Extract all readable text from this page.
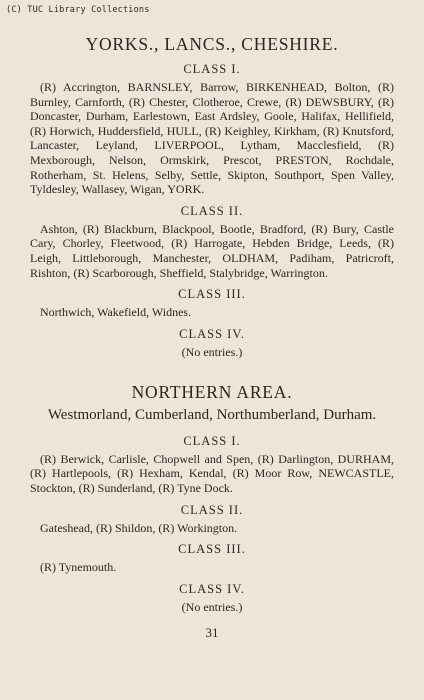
(C) TUC Library Collections
YORKS., LANCS., CHESHIRE.
CLASS I.

(R) Accrington, BARNSLEY, Barrow, BIRKENHEAD, Bolton, (R) Burnley, Carnforth, (R) Chester, Clotheroe, Crewe, (R) DEWSBURY, (R) Doncaster, Durham, Earlestown, East Ardsley, Goole, Halifax, Hellifield, (R) Horwich, Huddersfield, HULL, (R) Keighley, Kirkham, (R) Knutsford, Lancaster, Leyland, LIVERPOOL, Lytham, Macclesfield, (R) Mexborough, Nelson, Ormskirk, Prescot, PRESTON, Rochdale, Rotherham, St. Helens, Selby, Settle, Skipton, Southport, Spen Valley, Tyldesley, Wallasey, Wigan, YORK.

CLASS II.

Ashton, (R) Blackburn, Blackpool, Bootle, Bradford, (R) Bury, Castle Cary, Chorley, Fleetwood, (R) Harrogate, Hebden Bridge, Leeds, (R) Leigh, Littleborough, Manchester, OLDHAM, Padiham, Patricroft, Rishton, (R) Scarborough, Sheffield, Stalybridge, Warrington.

CLASS III.

Northwich, Wakefield, Widnes.

CLASS IV.
(No entries.)
NORTHERN AREA.
Westmorland, Cumberland, Northumberland, Durham.
CLASS I.

(R) Berwick, Carlisle, Chopwell and Spen, (R) Darlington, DURHAM, (R) Hartlepools, (R) Hexham, Kendal, (R) Moor Row, NEWCASTLE, Stockton, (R) Sunderland, (R) Tyne Dock.

CLASS II.

Gateshead, (R) Shildon, (R) Workington.

CLASS III.

(R) Tynemouth.

CLASS IV.
(No entries.)
31
